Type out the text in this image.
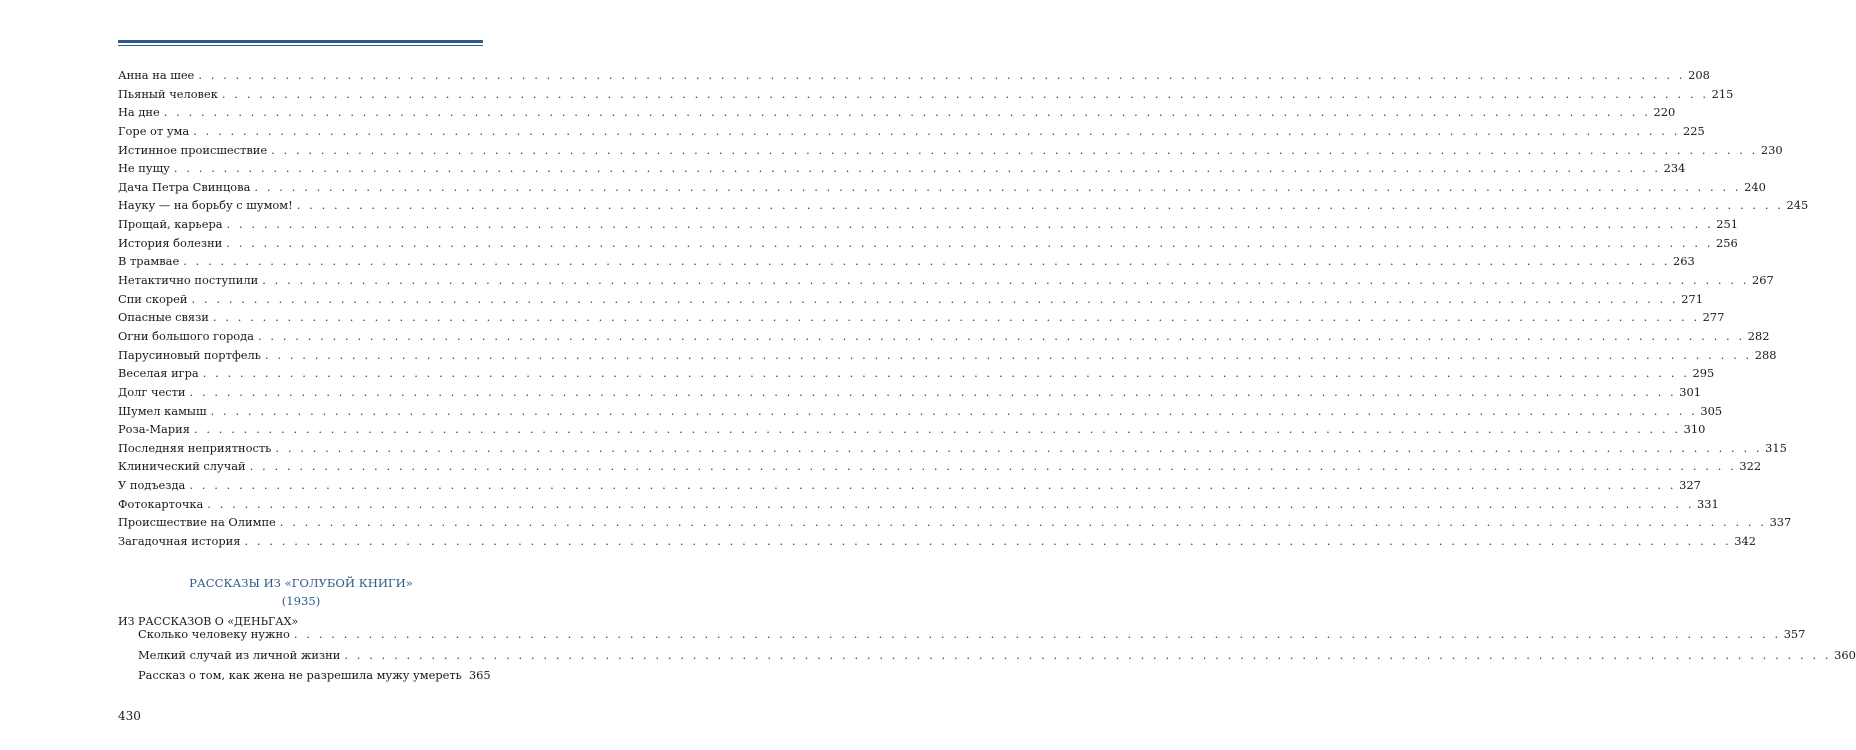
Анна на шее . . . . . . . . . . . . . . . . . . . . . . . . . . . . . . . . . . . . . . . . . . . . . . . . . . . . . . . . . . . . . . . . . . . . . . . . . . . . . . . . . . . . . . . . . . . . . . . . . . . . . . . . . . . . . . . . . . . . . . . . 208
Пьяный человек . . . . . . . . . . . . . . . . . . . . . . . . . . . . . . . . . . . . . . . . . . . . . . . . . . . . . . . . . . . . . . . . . . . . . . . . . . . . . . . . . . . . . . . . . . . . . . . . . . . . . . . . . . . . . . . . . . . . . . . . 215
На дне . . . . . . . . . . . . . . . . . . . . . . . . . . . . . . . . . . . . . . . . . . . . . . . . . . . . . . . . . . . . . . . . . . . . . . . . . . . . . . . . . . . . . . . . . . . . . . . . . . . . . . . . . . . . . . . . . . . . . . . . 220
Горе от ума . . . . . . . . . . . . . . . . . . . . . . . . . . . . . . . . . . . . . . . . . . . . . . . . . . . . . . . . . . . . . . . . . . . . . . . . . . . . . . . . . . . . . . . . . . . . . . . . . . . . . . . . . . . . . . . . . . . . . . . . 225
Истинное происшествие . . . . . . . . . . . . . . . . . . . . . . . . . . . . . . . . . . . . . . . . . . . . . . . . . . . . . . . . . . . . . . . . . . . . . . . . . . . . . . . . . . . . . . . . . . . . . . . . . . . . . . . . . . . . . . . . . . . . . . . . 230
Не пущу . . . . . . . . . . . . . . . . . . . . . . . . . . . . . . . . . . . . . . . . . . . . . . . . . . . . . . . . . . . . . . . . . . . . . . . . . . . . . . . . . . . . . . . . . . . . . . . . . . . . . . . . . . . . . . . . . . . . . . . . 234
Дача Петра Свинцова . . . . . . . . . . . . . . . . . . . . . . . . . . . . . . . . . . . . . . . . . . . . . . . . . . . . . . . . . . . . . . . . . . . . . . . . . . . . . . . . . . . . . . . . . . . . . . . . . . . . . . . . . . . . . . . . . . . . . . . . 240
Науку — на борьбу с шумом! . . . . . . . . . . . . . . . . . . . . . . . . . . . . . . . . . . . . . . . . . . . . . . . . . . . . . . . . . . . . . . . . . . . . . . . . . . . . . . . . . . . . . . . . . . . . . . . . . . . . . . . . . . . . . . . . . . . . . . . . 245
Прощай, карьера . . . . . . . . . . . . . . . . . . . . . . . . . . . . . . . . . . . . . . . . . . . . . . . . . . . . . . . . . . . . . . . . . . . . . . . . . . . . . . . . . . . . . . . . . . . . . . . . . . . . . . . . . . . . . . . . . . . . . . . . 251
История болезни . . . . . . . . . . . . . . . . . . . . . . . . . . . . . . . . . . . . . . . . . . . . . . . . . . . . . . . . . . . . . . . . . . . . . . . . . . . . . . . . . . . . . . . . . . . . . . . . . . . . . . . . . . . . . . . . . . . . . . . . 256
В трамвае . . . . . . . . . . . . . . . . . . . . . . . . . . . . . . . . . . . . . . . . . . . . . . . . . . . . . . . . . . . . . . . . . . . . . . . . . . . . . . . . . . . . . . . . . . . . . . . . . . . . . . . . . . . . . . . . . . . . . . . . 263
Нетактично поступили . . . . . . . . . . . . . . . . . . . . . . . . . . . . . . . . . . . . . . . . . . . . . . . . . . . . . . . . . . . . . . . . . . . . . . . . . . . . . . . . . . . . . . . . . . . . . . . . . . . . . . . . . . . . . . . . . . . . . . . . 267
Спи скорей . . . . . . . . . . . . . . . . . . . . . . . . . . . . . . . . . . . . . . . . . . . . . . . . . . . . . . . . . . . . . . . . . . . . . . . . . . . . . . . . . . . . . . . . . . . . . . . . . . . . . . . . . . . . . . . . . . . . . . . . 271
Опасные связи . . . . . . . . . . . . . . . . . . . . . . . . . . . . . . . . . . . . . . . . . . . . . . . . . . . . . . . . . . . . . . . . . . . . . . . . . . . . . . . . . . . . . . . . . . . . . . . . . . . . . . . . . . . . . . . . . . . . . . . . 277
Огни большого города . . . . . . . . . . . . . . . . . . . . . . . . . . . . . . . . . . . . . . . . . . . . . . . . . . . . . . . . . . . . . . . . . . . . . . . . . . . . . . . . . . . . . . . . . . . . . . . . . . . . . . . . . . . . . . . . . . . . . . . . 282
Парусиновый портфель . . . . . . . . . . . . . . . . . . . . . . . . . . . . . . . . . . . . . . . . . . . . . . . . . . . . . . . . . . . . . . . . . . . . . . . . . . . . . . . . . . . . . . . . . . . . . . . . . . . . . . . . . . . . . . . . . . . . . . . . 288
Веселая игра . . . . . . . . . . . . . . . . . . . . . . . . . . . . . . . . . . . . . . . . . . . . . . . . . . . . . . . . . . . . . . . . . . . . . . . . . . . . . . . . . . . . . . . . . . . . . . . . . . . . . . . . . . . . . . . . . . . . . . . . 295
Долг чести . . . . . . . . . . . . . . . . . . . . . . . . . . . . . . . . . . . . . . . . . . . . . . . . . . . . . . . . . . . . . . . . . . . . . . . . . . . . . . . . . . . . . . . . . . . . . . . . . . . . . . . . . . . . . . . . . . . . . . . . 301
Шумел камыш . . . . . . . . . . . . . . . . . . . . . . . . . . . . . . . . . . . . . . . . . . . . . . . . . . . . . . . . . . . . . . . . . . . . . . . . . . . . . . . . . . . . . . . . . . . . . . . . . . . . . . . . . . . . . . . . . . . . . . . . 305
Роза-Мария . . . . . . . . . . . . . . . . . . . . . . . . . . . . . . . . . . . . . . . . . . . . . . . . . . . . . . . . . . . . . . . . . . . . . . . . . . . . . . . . . . . . . . . . . . . . . . . . . . . . . . . . . . . . . . . . . . . . . . . . 310
Последняя неприятность . . . . . . . . . . . . . . . . . . . . . . . . . . . . . . . . . . . . . . . . . . . . . . . . . . . . . . . . . . . . . . . . . . . . . . . . . . . . . . . . . . . . . . . . . . . . . . . . . . . . . . . . . . . . . . . . . . . . . . . . 315
Клинический случай . . . . . . . . . . . . . . . . . . . . . . . . . . . . . . . . . . . . . . . . . . . . . . . . . . . . . . . . . . . . . . . . . . . . . . . . . . . . . . . . . . . . . . . . . . . . . . . . . . . . . . . . . . . . . . . . . . . . . . . . 322
У подъезда . . . . . . . . . . . . . . . . . . . . . . . . . . . . . . . . . . . . . . . . . . . . . . . . . . . . . . . . . . . . . . . . . . . . . . . . . . . . . . . . . . . . . . . . . . . . . . . . . . . . . . . . . . . . . . . . . . . . . . . . 327
Фотокарточка . . . . . . . . . . . . . . . . . . . . . . . . . . . . . . . . . . . . . . . . . . . . . . . . . . . . . . . . . . . . . . . . . . . . . . . . . . . . . . . . . . . . . . . . . . . . . . . . . . . . . . . . . . . . . . . . . . . . . . . . 331
Происшествие на Олимпе . . . . . . . . . . . . . . . . . . . . . . . . . . . . . . . . . . . . . . . . . . . . . . . . . . . . . . . . . . . . . . . . . . . . . . . . . . . . . . . . . . . . . . . . . . . . . . . . . . . . . . . . . . . . . . . . . . . . . . . . 337
Загадочная история . . . . . . . . . . . . . . . . . . . . . . . . . . . . . . . . . . . . . . . . . . . . . . . . . . . . . . . . . . . . . . . . . . . . . . . . . . . . . . . . . . . . . . . . . . . . . . . . . . . . . . . . . . . . . . . . . . . . . . . . 342
РАССКАЗЫ ИЗ «ГОЛУБОЙ КНИГИ»
(1935)
ИЗ РАССКАЗОВ О «ДЕНЬГАХ»
Сколько человеку нужно . . . . . . . . . . . . . . . . . . . . . . . . . . . . . . . . . . . . . . . . . . . . . . . . . . . . . . . . . . . . . . . . . . . . . . . . . . . . . . . . . . . . . . . . . . . . . . . . . . . . . . . . . . . . . . . . . . . . . . . . 357
Мелкий случай из личной жизни . . . . . . . . . . . . . . . . . . . . . . . . . . . . . . . . . . . . . . . . . . . . . . . . . . . . . . . . . . . . . . . . . . . . . . . . . . . . . . . . . . . . . . . . . . . . . . . . . . . . . . . . . . . . . . . . . . . . . . . . 360
Рассказ о том, как жена не разрешила мужу умереть 365
430
